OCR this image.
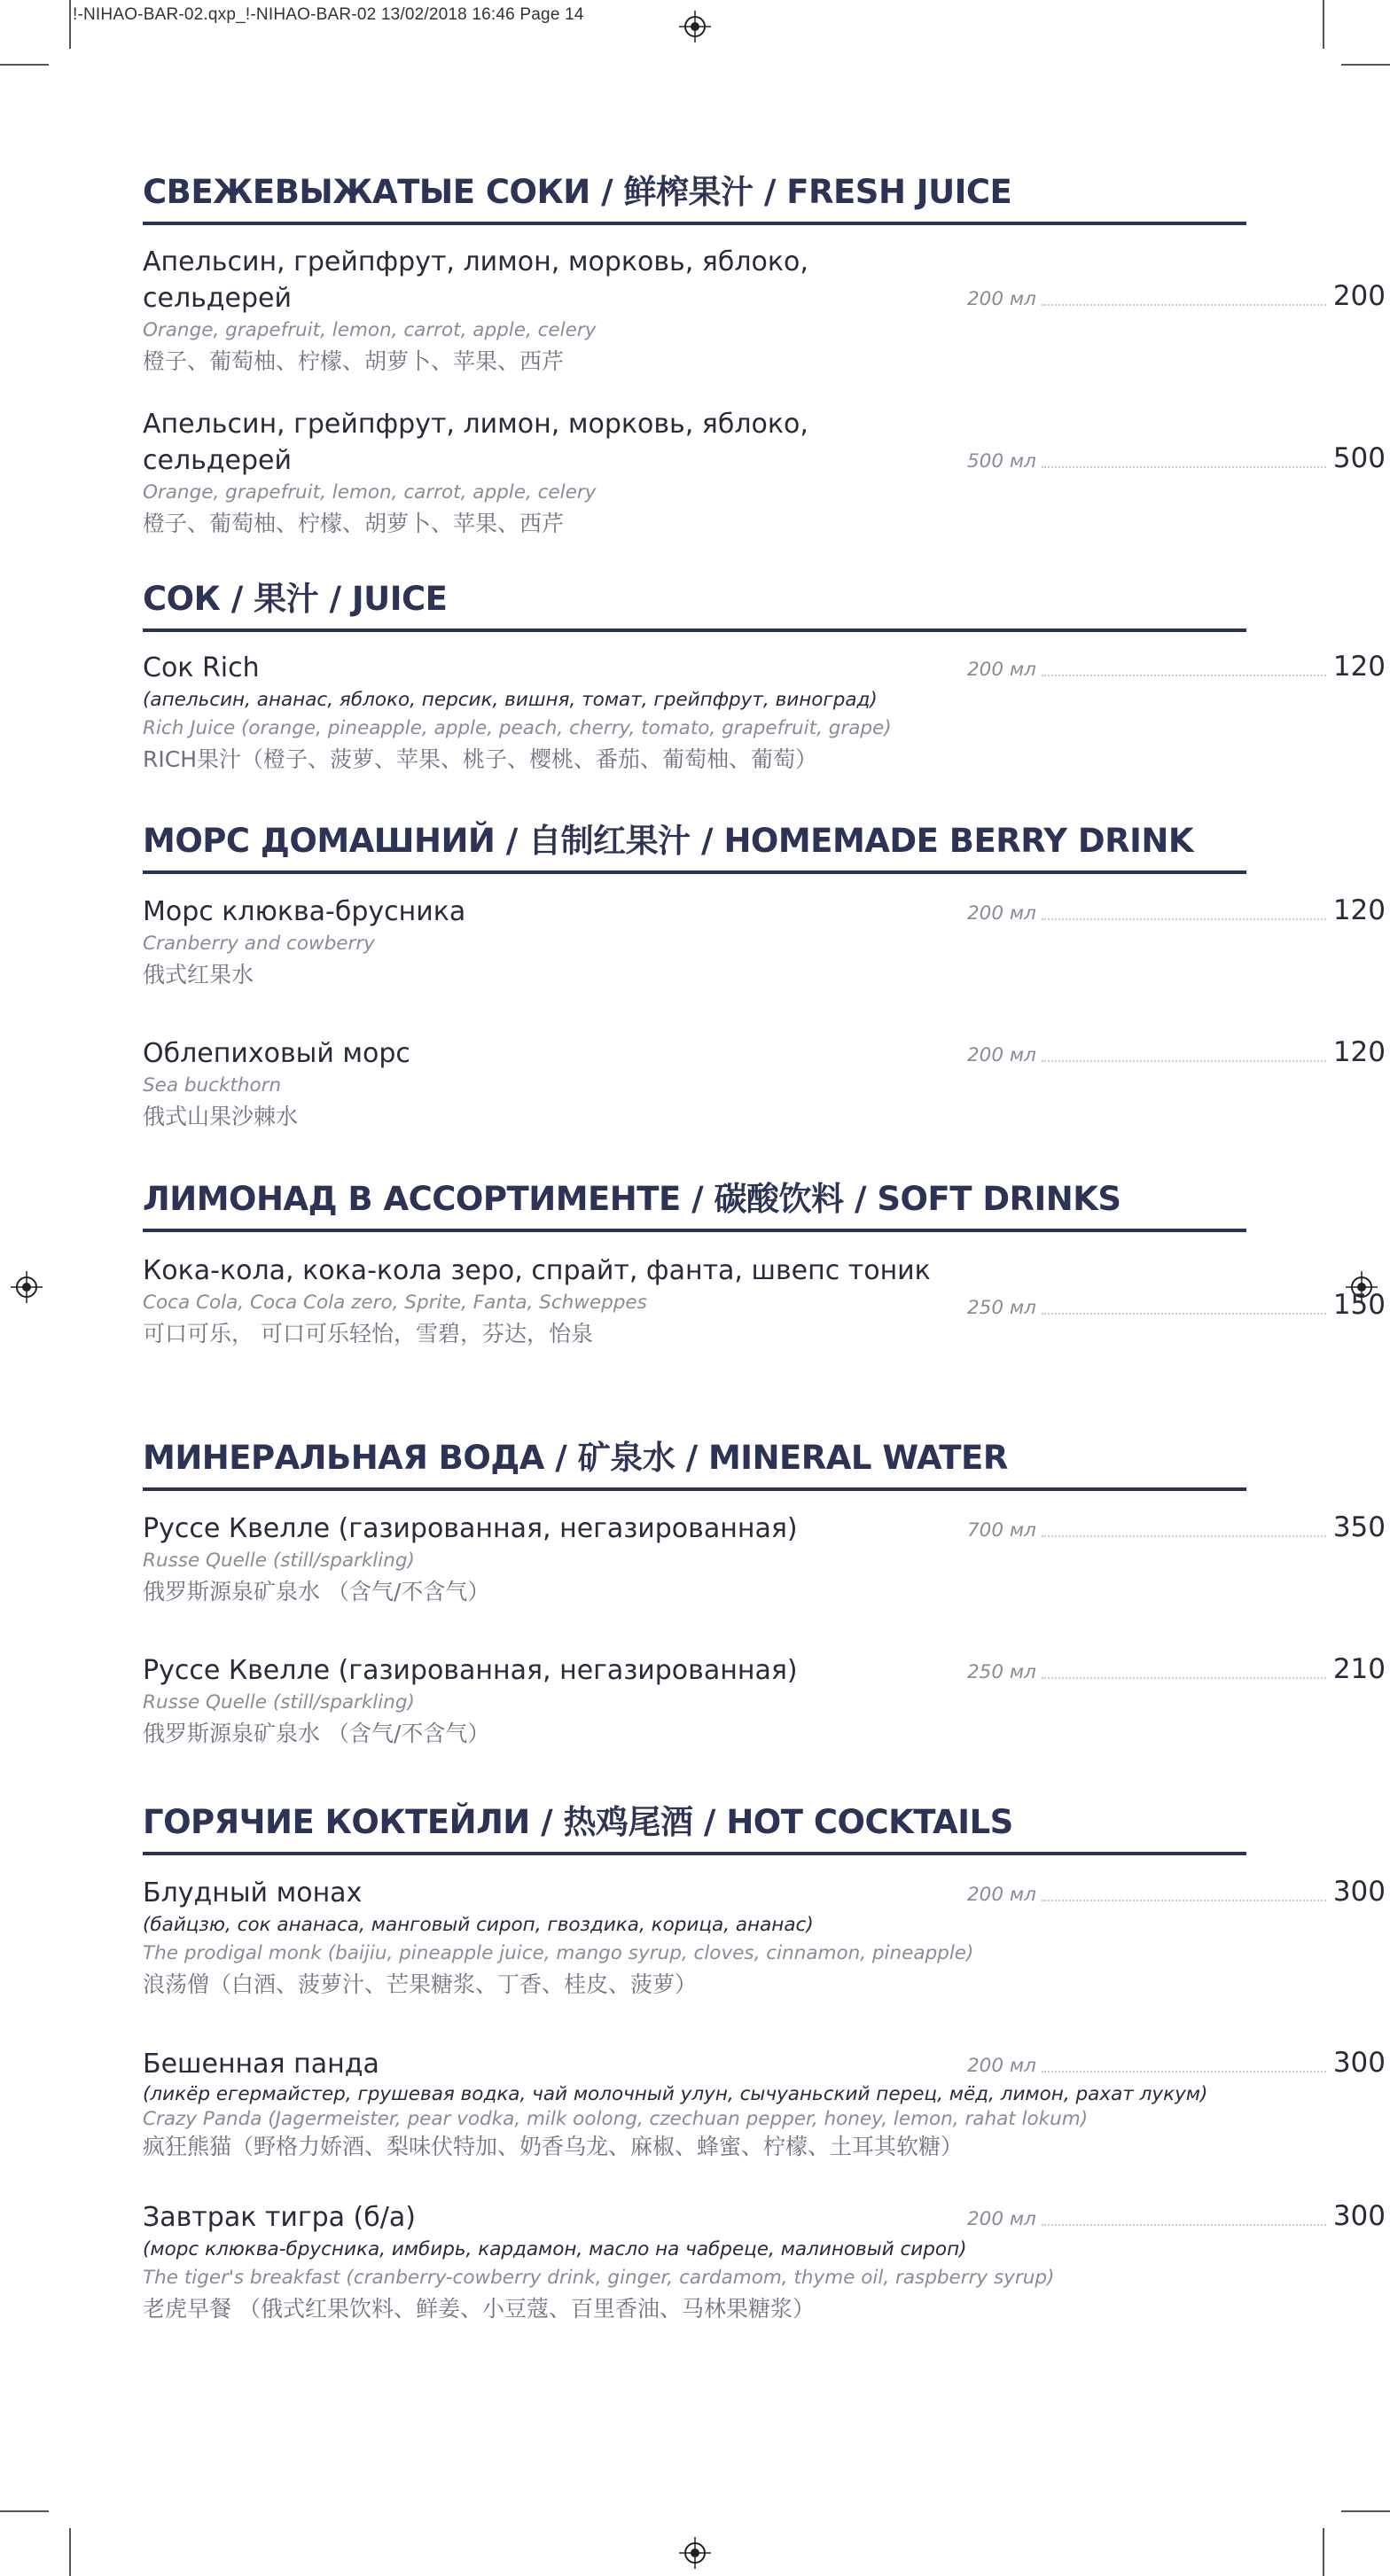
!-NIHAO-BAR-02.qxp_!-NIHAO-BAR-02 13/02/2018 16:46 Page 14
СВЕЖЕВЫЖАТЫЕ СОКИ / 鲜榨果汁 / FRESH JUICE
Апельсин, грейпфрут, лимон, морковь, яблоко, сельдерей
Orange, grapefruit, lemon, carrot, apple, celery
橙子、葡萄柚、柠檬、胡萝卜、苹果、西芹
200 мл	200
Апельсин, грейпфрут, лимон, морковь, яблоко, сельдерей
Orange, grapefruit, lemon, carrot, apple, celery
橙子、葡萄柚、柠檬、胡萝卜、苹果、西芹
500 мл	500
СОК / 果汁 / JUICE
Сок Rich
(апельсин, ананас, яблоко, персик, вишня, томат, грейпфрут, виноград)
Rich Juice (orange, pineapple, apple, peach, cherry, tomato, grapefruit, grape)
RICH果汁（橙子、菠萝、苹果、桃子、樱桃、番茄、葡萄柚、葡萄）
200 мл	120
МОРС ДОМАШНИЙ / 自制红果汁 / HOMEMADE BERRY DRINK
Морс клюква-брусника
Cranberry and cowberry
俄式红果水
200 мл	120
Облепиховый морс
Sea buckthorn
俄式山果沙棘水
200 мл	120
ЛИМОНАД В АССОРТИМЕНТЕ / 碳酸饮料 / SOFT DRINKS
Кока-кола, кока-кола зеро, спрайт, фанта, швепс тоник
Coca Cola, Coca Cola zero, Sprite, Fanta, Schweppes
可口可乐， 可口可乐轻怡，雪碧，芬达，怡泉
250 мл	150
МИНЕРАЛЬНАЯ ВОДА / 矿泉水 / MINERAL WATER
Руссе Квелле (газированная, негазированная)
Russe Quelle (still/sparkling)
俄罗斯源泉矿泉水 （含气/不含气）
700 мл	350
Руссе Квелле (газированная, негазированная)
Russe Quelle (still/sparkling)
俄罗斯源泉矿泉水 （含气/不含气）
250 мл	210
ГОРЯЧИЕ КОКТЕЙЛИ / 热鸡尾酒 / HOT COCKTAILS
Блудный монах
(байцзю, сок ананаса, манговый сироп, гвоздика, корица, ананас)
The prodigal monk (baijiu, pineapple juice, mango syrup, cloves, cinnamon, pineapple)
浪荡僧（白酒、菠萝汁、芒果糖浆、丁香、桂皮、菠萝）
200 мл	300
Бешенная панда
(ликёр егермайстер, грушевая водка, чай молочный улун, сычуаньский перец, мёд, лимон, рахат лукум)
Crazy Panda (Jagermeister, pear vodka, milk oolong, czechuan pepper, honey, lemon, rahat lokum)
疯狂熊猫（野格力娇酒、梨味伏特加、奶香乌龙、麻椒、蜂蜜、柠檬、土耳其软糖）
200 мл	300
Завтрак тигра (б/а)
(морс клюква-брусника, имбирь, кардамон, масло на чабреце, малиновый сироп)
The tiger's breakfast (cranberry-cowberry drink, ginger, cardamom, thyme oil, raspberry syrup)
老虎早餐 （俄式红果饮料、鲜姜、小豆蔻、百里香油、马林果糖浆）
200 мл	300
